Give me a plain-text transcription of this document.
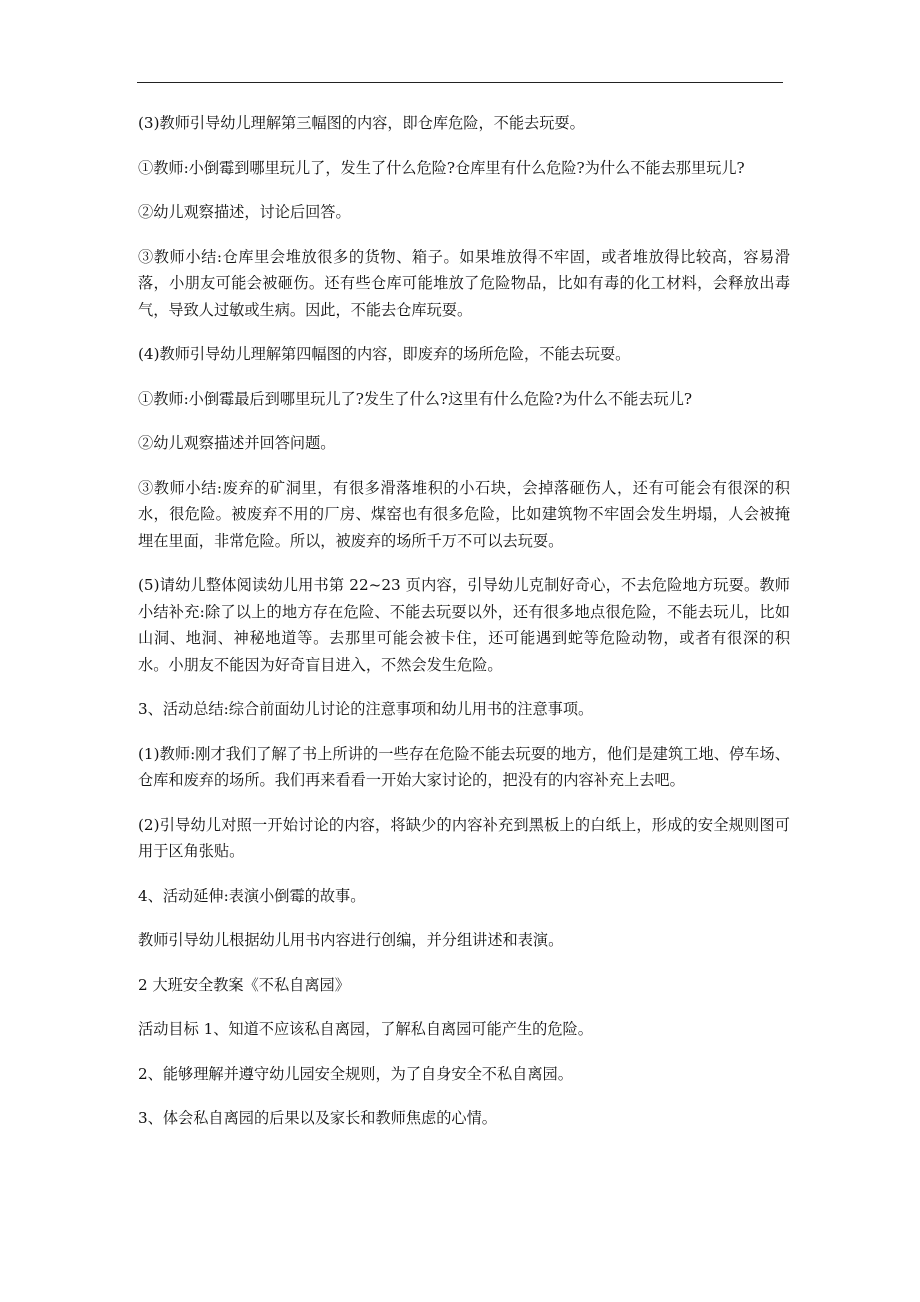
(3)教师引导幼儿理解第三幅图的内容，即仓库危险，不能去玩耍。

①教师:小倒霉到哪里玩儿了，发生了什么危险?仓库里有什么危险?为什么不能去那里玩儿?

②幼儿观察描述，讨论后回答。

③教师小结:仓库里会堆放很多的货物、箱子。如果堆放得不牢固，或者堆放得比较高，容易滑落，小朋友可能会被砸伤。还有些仓库可能堆放了危险物品，比如有毒的化工材料，会释放出毒气，导致人过敏或生病。因此，不能去仓库玩耍。

(4)教师引导幼儿理解第四幅图的内容，即废弃的场所危险，不能去玩耍。

①教师:小倒霉最后到哪里玩儿了?发生了什么?这里有什么危险?为什么不能去玩儿?

②幼儿观察描述并回答问题。

③教师小结:废弃的矿洞里，有很多滑落堆积的小石块，会掉落砸伤人，还有可能会有很深的积水，很危险。被废弃不用的厂房、煤窑也有很多危险，比如建筑物不牢固会发生坍塌，人会被掩埋在里面，非常危险。所以，被废弃的场所千万不可以去玩耍。

(5)请幼儿整体阅读幼儿用书第 22~23 页内容，引导幼儿克制好奇心，不去危险地方玩耍。教师小结补充:除了以上的地方存在危险、不能去玩耍以外，还有很多地点很危险，不能去玩儿，比如山洞、地洞、神秘地道等。去那里可能会被卡住，还可能遇到蛇等危险动物，或者有很深的积水。小朋友不能因为好奇盲目进入，不然会发生危险。

3、活动总结:综合前面幼儿讨论的注意事项和幼儿用书的注意事项。

(1)教师:刚才我们了解了书上所讲的一些存在危险不能去玩耍的地方，他们是建筑工地、停车场、仓库和废弃的场所。我们再来看看一开始大家讨论的，把没有的内容补充上去吧。

(2)引导幼儿对照一开始讨论的内容，将缺少的内容补充到黑板上的白纸上，形成的安全规则图可用于区角张贴。

4、活动延伸:表演小倒霉的故事。

教师引导幼儿根据幼儿用书内容进行创编，并分组讲述和表演。

2 大班安全教案《不私自离园》

活动目标 1、知道不应该私自离园，了解私自离园可能产生的危险。

2、能够理解并遵守幼儿园安全规则，为了自身安全不私自离园。

3、体会私自离园的后果以及家长和教师焦虑的心情。
